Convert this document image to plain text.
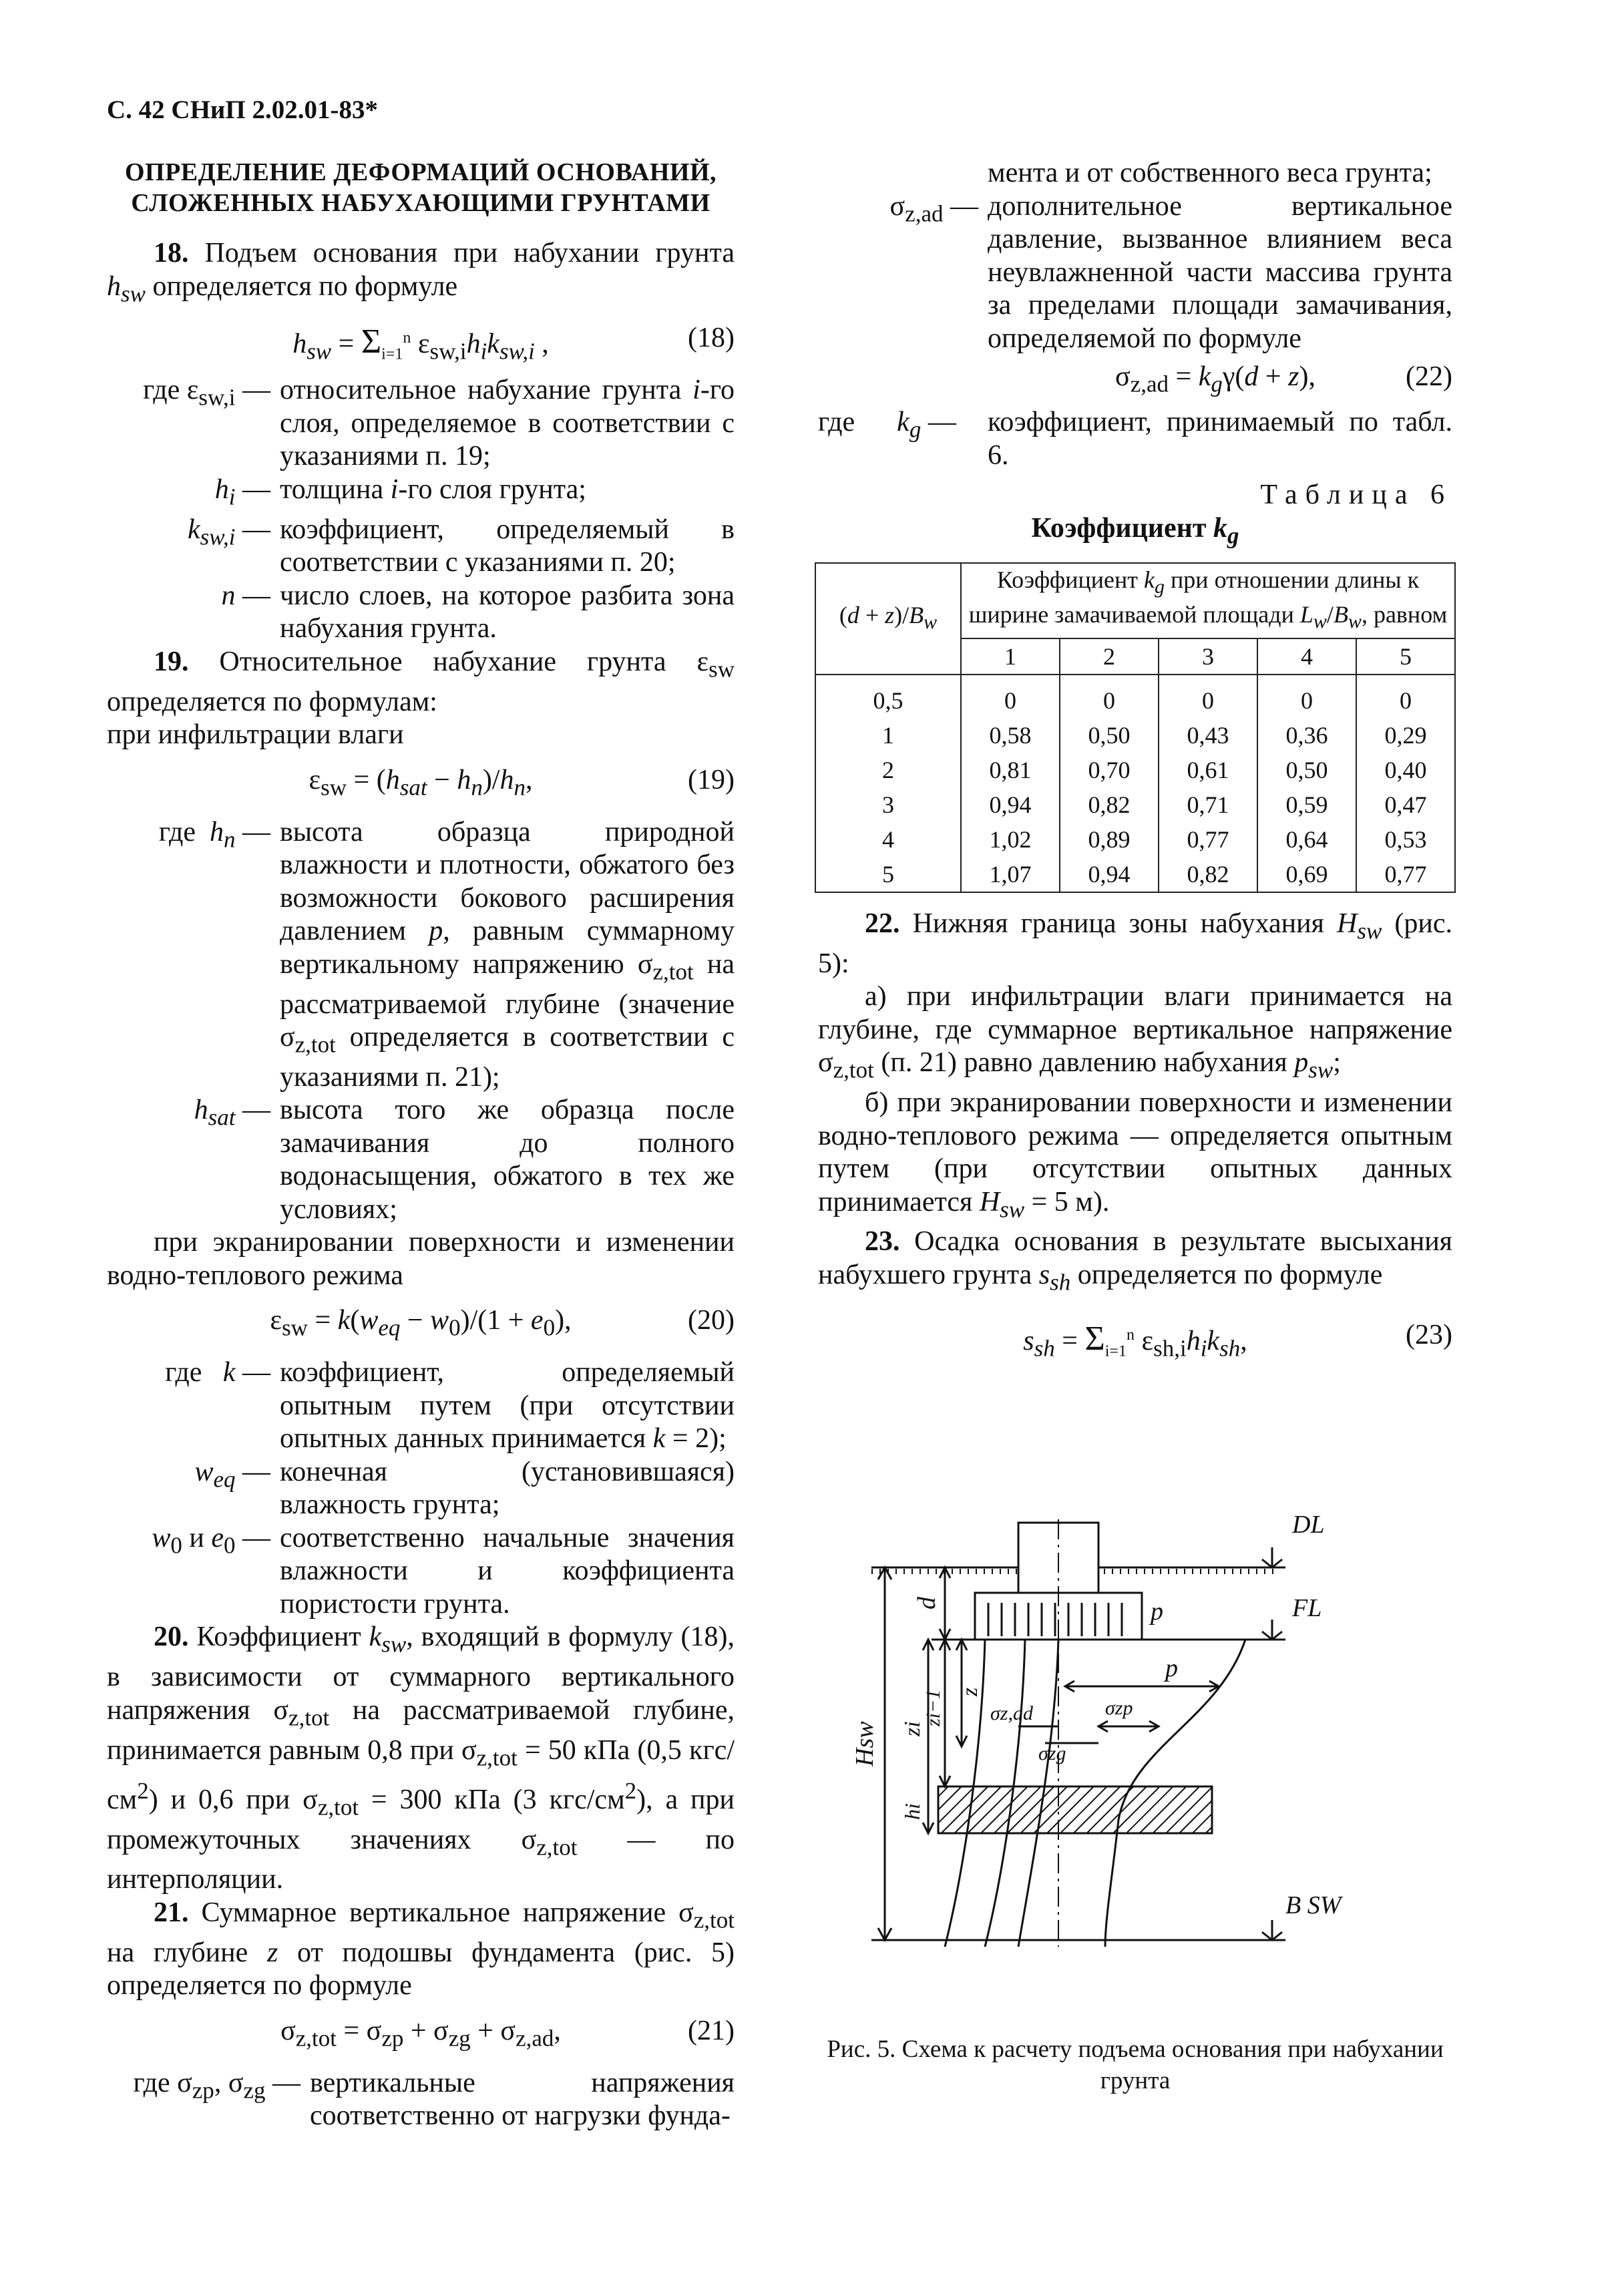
С. 42 СНиП 2.02.01-83*

ОПРЕДЕЛЕНИЕ ДЕФОРМАЦИЙ ОСНОВАНИЙ,

СЛОЖЕННЫХ НАБУХАЮЩИМИ ГРУНТАМИ

18. Подъем основания при набухании грунта $h_{sw}$ определяется по формуле

$h_{sw} = \Sigma_{i=1}^n$ $\varepsilon_{sw,i}h_ik_{sw,i}$ ,	(18)
где $\varepsilon_{sw,i}$ — относительное набухание грунта i-го слоя, определяемое в соответствии с указаниями п. 19;
$h_i$ — толщина i-го слоя грунта;
$k_{sw,i}$ — коэффициент, определяемый в соответствии с указаниями п. 20;
n — число слоев, на которое разбита зона набухания грунта.

19. Относительное набухание грунта $\varepsilon_{sw}$ определяется по формулам:

при инфильтрации влаги

$\varepsilon_{sw} = (h_{sat} - h_n)/h_n$,	(19)
где  $h_n$ — высота образца природной влажности и плотности, обжатого без возможности бокового расширения давлением p, равным суммарному вертикальному напряжению $\sigma_{z,tot}$ на рассматриваемой глубине (значение $\sigma_{z,tot}$ определяется в соответствии с указаниями п. 21);
$h_{sat}$ — высота того же образца после замачивания до полного водонасыщения, обжатого в тех же условиях;

при экранировании поверхности и изменении водно-теплового режима

$\varepsilon_{sw} = k(w_{eq} - w_0)/(1 + e_0)$,	(20)
где   k — коэффициент, определяемый опытным путем (при отсутствии опытных данных принимается k = 2);
$w_{eq}$ — конечная (установившаяся) влажность грунта;
$w_0$ и $e_0$ — соответственно начальные значения влажности и коэффициента пористости грунта.

20. Коэффициент $k_{sw}$, входящий в формулу (18), в зависимости от суммарного вертикального напряжения $\sigma_{z,tot}$ на рассматриваемой глубине, принимается равным 0,8 при $\sigma_{z,tot} = 50$ кПа (0,5 кгс/$см^2$) и 0,6 при $\sigma_{z,tot} = 300$ кПа (3 кгс/$см^2$), а при промежуточных значениях $\sigma_{z,tot}$ — по интерполяции.

21. Суммарное вертикальное напряжение $\sigma_{z,tot}$ на глубине z от подошвы фундамента (рис. 5) определяется по формуле

$\sigma_{z,tot} = \sigma_{zp} + \sigma_{zg} + \sigma_{z,ad}$,	(21)
где $\sigma_{zp}$, $\sigma_{zg}$ — вертикальные напряжения соответственно от нагрузки фунда-
мента и от собственного веса грунта;
$\sigma_{z,ad}$ — дополнительное вертикальное давление, вызванное влиянием веса неувлажненной части массива грунта за пределами площади замачивания, определяемой по формуле
$\sigma_{z,ad} = k_g\gamma(d + z)$,	(22)
где      $k_g$ —	коэффициент, принимаемый по табл. 6.

Таблица 6

Коэффициент $k_g$

$(d + z)/B_w$	Коэффициент $k_g$ при отношении длины к ширине замачиваемой площади $L_w/B_w$, равном				
	1	2	3	4	5
0,5	0	0	0	0	0
1	0,58	0,50	0,43	0,36	0,29
2	0,81	0,70	0,61	0,50	0,40
3	0,94	0,82	0,71	0,59	0,47
4	1,02	0,89	0,77	0,64	0,53
5	1,07	0,94	0,82	0,69	0,77

22. Нижняя граница зоны набухания $H_{sw}$ (рис. 5):

а) при инфильтрации влаги принимается на глубине, где суммарное вертикальное напряжение $\sigma_{z,tot}$ (п. 21) равно давлению набухания $p_{sw}$;

б) при экранировании поверхности и изменении водно-теплового режима — определяется опытным путем (при отсутствии опытных данных принимается $H_{sw} = 5$ м).

23. Осадка основания в результате высыхания набухшего грунта $s_{sh}$ определяется по формуле

$s_{sh} = \Sigma_{i=1}^n$ $\varepsilon_{sh,i}h_ik_{sh}$,	(23)
DL
FL
B SW
p
p
d
Hsw
z
zi
zi−1
hi
σz,ad	σzp
σzg
Рис. 5. Схема к расчету подъема основания при набухании грунта
